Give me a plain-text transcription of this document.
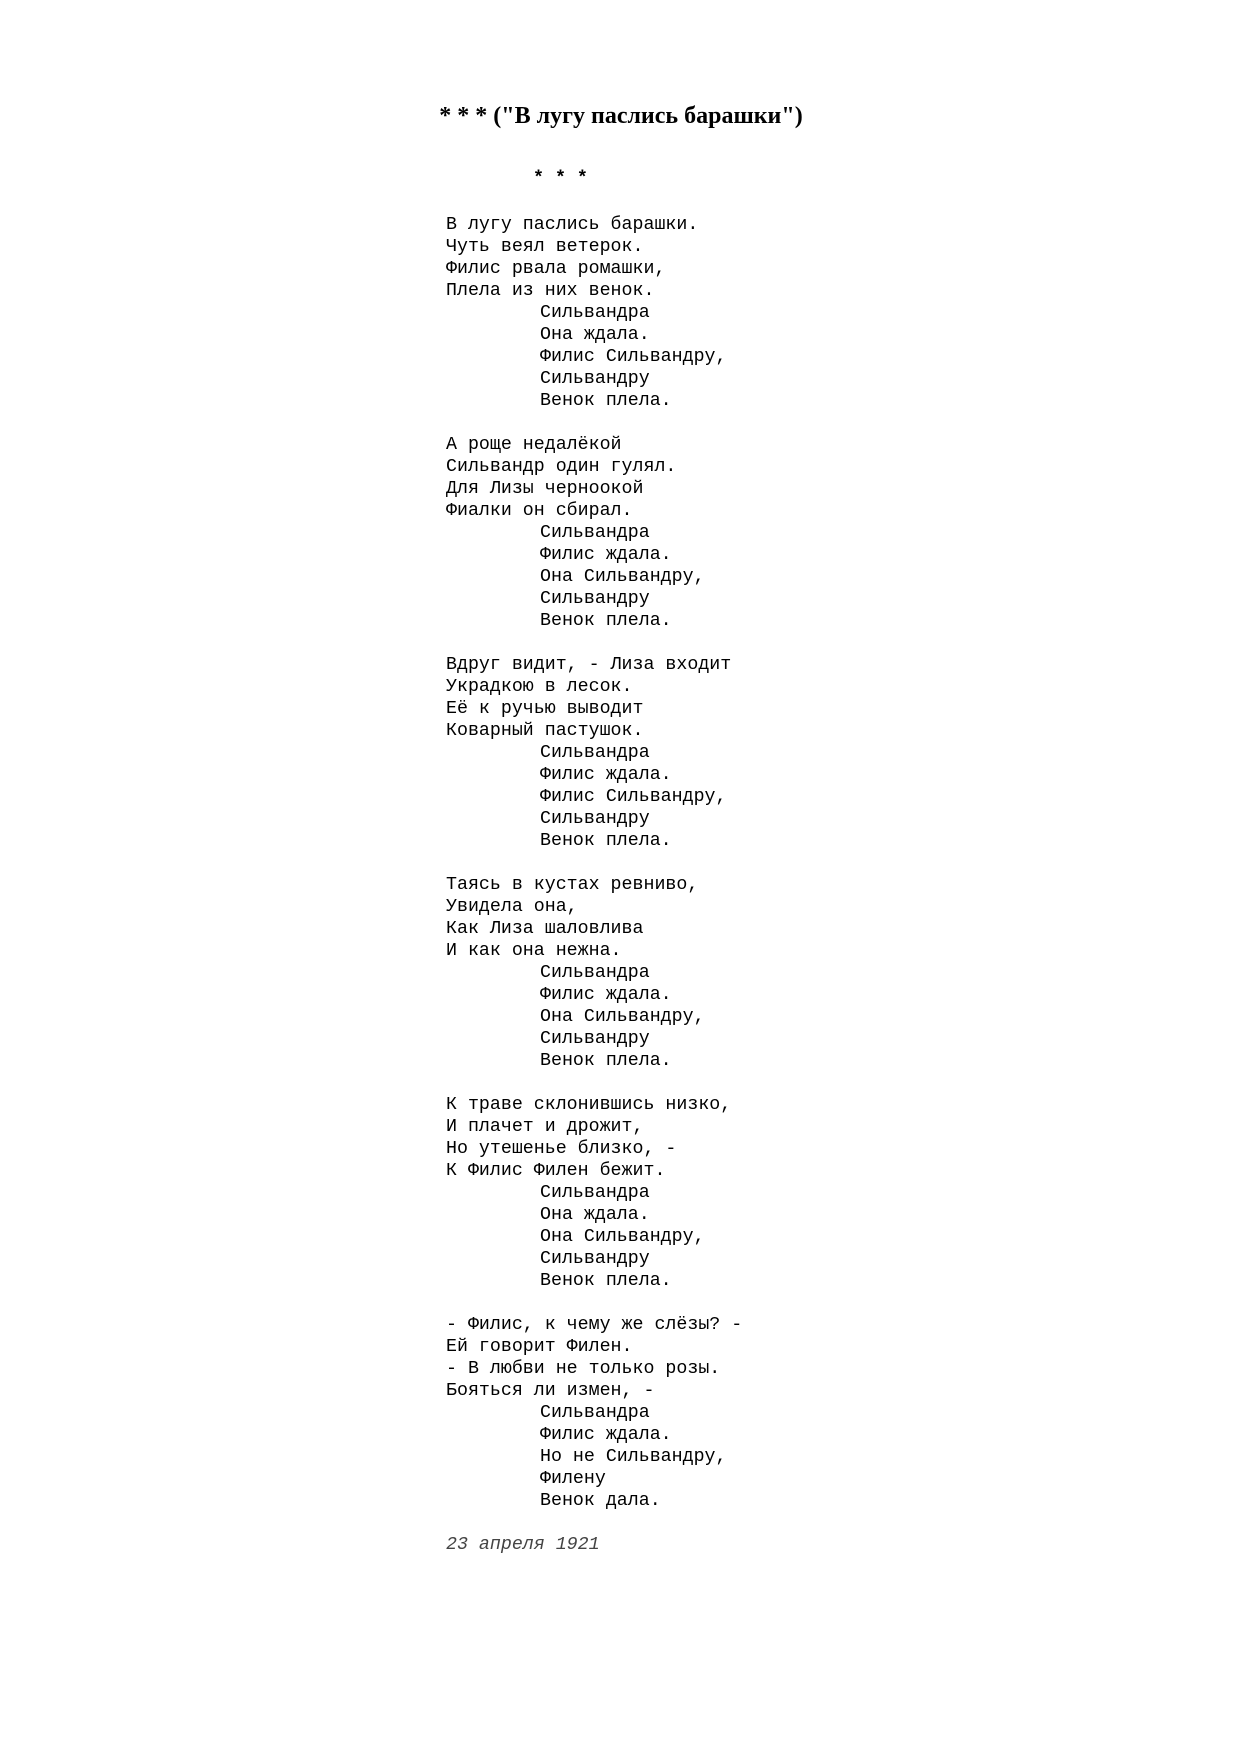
* * * ("В лугу паслись барашки")
* * *
В лугу паслись барашки.
Чуть веял ветерок.
Филис рвала ромашки,
Плела из них венок.
Сильвандра
Она ждала.
Филис Сильвандру,
Сильвандру
Венок плела.
А роще недалёкой
Сильвандр один гулял.
Для Лизы черноокой
Фиалки он сбирал.
Сильвандра
Филис ждала.
Она Сильвандру,
Сильвандру
Венок плела.
Вдруг видит, - Лиза входит
Украдкою в лесок.
Её к ручью выводит
Коварный пастушок.
Сильвандра
Филис ждала.
Филис Сильвандру,
Сильвандру
Венок плела.
Таясь в кустах ревниво,
Увидела она,
Как Лиза шаловлива
И как она нежна.
Сильвандра
Филис ждала.
Она Сильвандру,
Сильвандру
Венок плела.
К траве склонившись низко,
И плачет и дрожит,
Но утешенье близко, -
К Филис Филен бежит.
Сильвандра
Она ждала.
Она Сильвандру,
Сильвандру
Венок плела.
- Филис, к чему же слёзы? -
Ей говорит Филен.
- В любви не только розы.
Бояться ли измен, -
Сильвандра
Филис ждала.
Но не Сильвандру,
Филену
Венок дала.
23 апреля 1921
